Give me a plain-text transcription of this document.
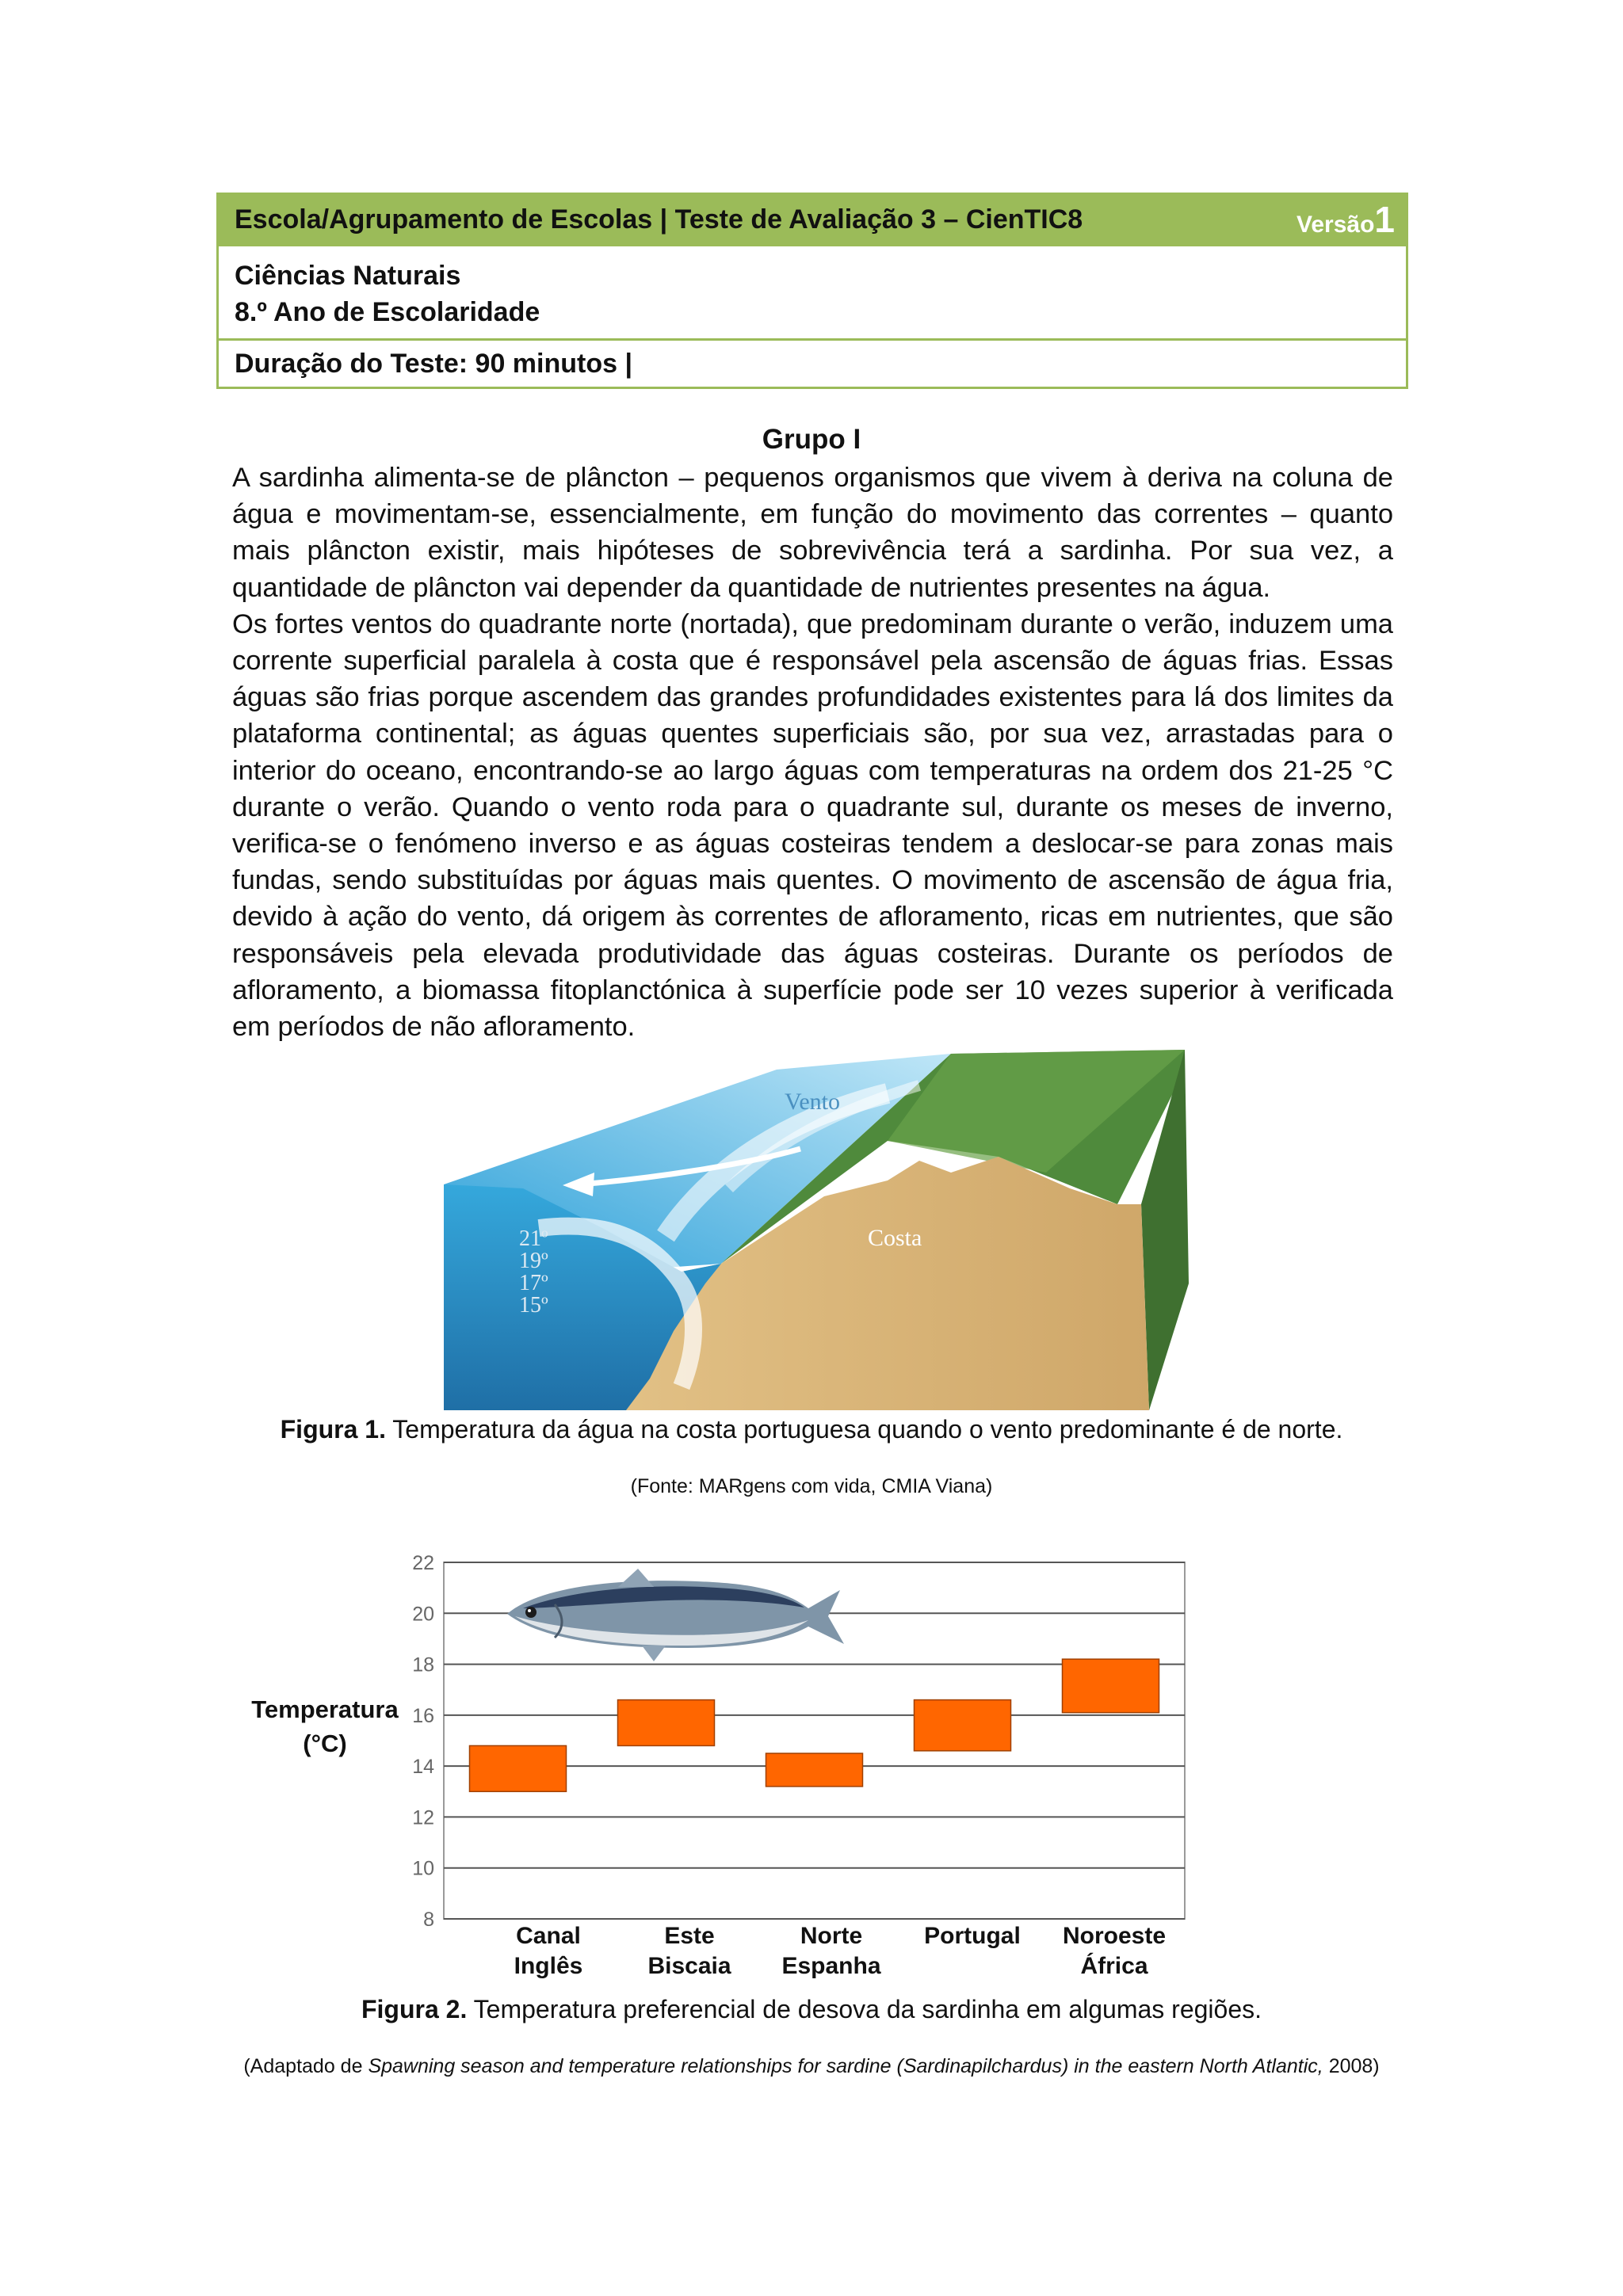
Escola/Agrupamento de Escolas | Teste de Avaliação 3 – CienTIC8	Versão1
Ciências Naturais
8.º Ano de Escolaridade
Duração do Teste: 90 minutos |
Grupo I

A sardinha alimenta-se de plâncton – pequenos organismos que vivem à deriva na coluna de água e movimentam-se, essencialmente, em função do movimento das correntes – quanto mais plâncton existir, mais hipóteses de sobrevivência terá a sardinha. Por sua vez, a quantidade de plâncton vai depender da quantidade de nutrientes presentes na água.

Os fortes ventos do quadrante norte (nortada), que predominam durante o verão, induzem uma corrente superficial paralela à costa que é responsável pela ascensão de águas frias. Essas águas são frias porque ascendem das grandes profundidades existentes para lá dos limites da plataforma continental; as águas quentes superficiais são, por sua vez, arrastadas para o interior do oceano, encontrando-se ao largo águas com temperaturas na ordem dos 21-25 °C durante o verão. Quando o vento roda para o quadrante sul, durante os meses de inverno, verifica-se o fenómeno inverso e as águas costeiras tendem a deslocar-se para zonas mais fundas, sendo substituídas por águas mais quentes. O movimento de ascensão de água fria, devido à ação do vento, dá origem às correntes de afloramento, ricas em nutrientes, que são responsáveis pela elevada produtividade das águas costeiras. Durante os períodos de afloramento, a biomassa fitoplanctónica à superfície pode ser 10 vezes superior à verificada em períodos de não afloramento.

Vento
Costa
21º
19º
17º
15º
Figura 1. Temperatura da água na costa portuguesa quando o vento predominante é de norte.
(Fonte: MARgens com vida, CMIA Viana)
Temperatura
(°C)
8
10
12
14
16
18
20
22
Canal
Inglês
Este
Biscaia
Norte
Espanha
Portugal	Noroeste
África
Figura 2. Temperatura preferencial de desova da sardinha em algumas regiões.
(Adaptado de Spawning season and temperature relationships for sardine (Sardinapilchardus) in the eastern North Atlantic, 2008)
